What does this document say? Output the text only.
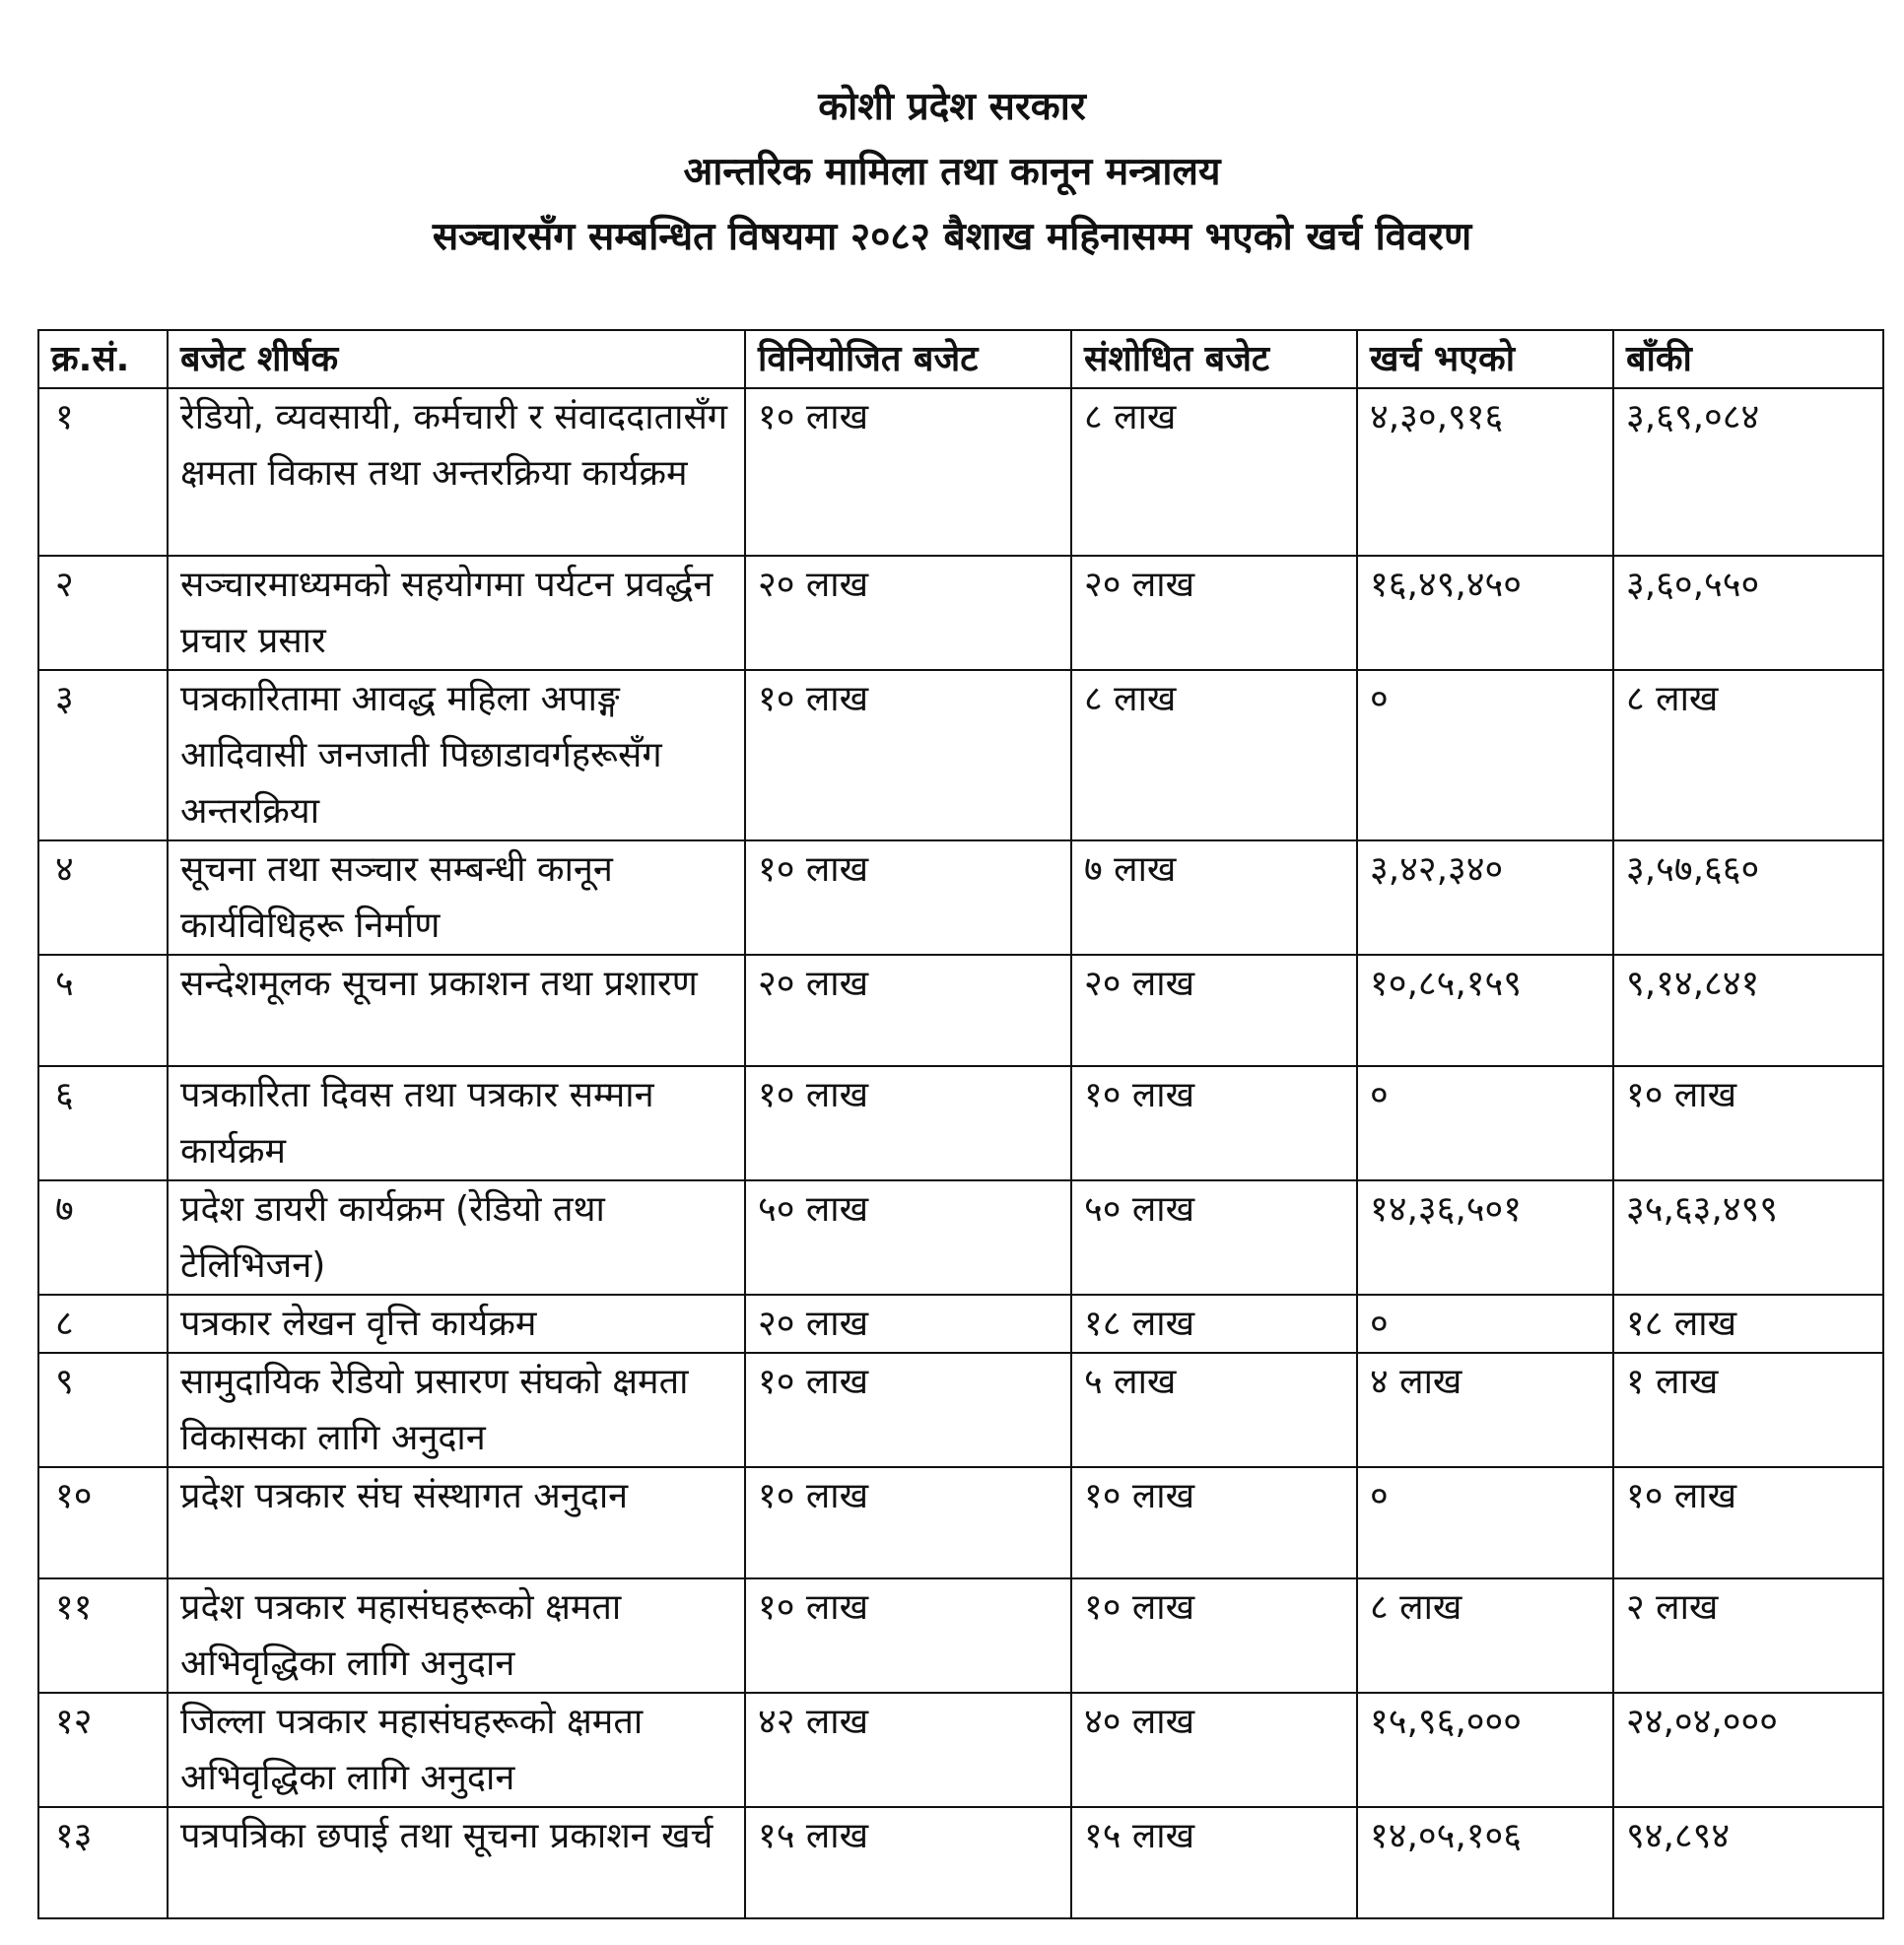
कोशी प्रदेश सरकार

आन्तरिक मामिला तथा कानून मन्त्रालय

सञ्चारसँग सम्बन्धित विषयमा २०८२ बैशाख महिनासम्म भएको खर्च विवरण

क्र.सं.	बजेट शीर्षक	विनियोजित बजेट	संशोधित बजेट	खर्च भएको	बाँकी
१	रेडियो, व्यवसायी, कर्मचारी र संवाददातासँग क्षमता विकास तथा अन्तरक्रिया कार्यक्रम	१० लाख	८ लाख	४,३०,९१६	३,६९,०८४
२	सञ्चारमाध्यमको सहयोगमा पर्यटन प्रवर्द्धन प्रचार प्रसार	२० लाख	२० लाख	१६,४९,४५०	३,६०,५५०
३	पत्रकारितामा आवद्ध महिला अपाङ्ग आदिवासी जनजाती पिछाडावर्गहरूसँग अन्तरक्रिया	१० लाख	८ लाख	०	८ लाख
४	सूचना तथा सञ्चार सम्बन्धी कानून कार्यविधिहरू निर्माण	१० लाख	७ लाख	३,४२,३४०	३,५७,६६०
५	सन्देशमूलक सूचना प्रकाशन तथा प्रशारण	२० लाख	२० लाख	१०,८५,१५९	९,१४,८४१
६	पत्रकारिता दिवस तथा पत्रकार सम्मान कार्यक्रम	१० लाख	१० लाख	०	१० लाख
७	प्रदेश डायरी कार्यक्रम (रेडियो तथा टेलिभिजन)	५० लाख	५० लाख	१४,३६,५०१	३५,६३,४९९
८	पत्रकार लेखन वृत्ति कार्यक्रम	२० लाख	१८ लाख	०	१८ लाख
९	सामुदायिक रेडियो प्रसारण संघको क्षमता विकासका लागि अनुदान	१० लाख	५ लाख	४ लाख	१ लाख
१०	प्रदेश पत्रकार संघ संस्थागत अनुदान	१० लाख	१० लाख	०	१० लाख
११	प्रदेश पत्रकार महासंघहरूको क्षमता अभिवृद्धिका लागि अनुदान	१० लाख	१० लाख	८ लाख	२ लाख
१२	जिल्ला पत्रकार महासंघहरूको क्षमता अभिवृद्धिका लागि अनुदान	४२ लाख	४० लाख	१५,९६,०००	२४,०४,०००
१३	पत्रपत्रिका छपाई तथा सूचना प्रकाशन खर्च	१५ लाख	१५ लाख	१४,०५,१०६	९४,८९४
